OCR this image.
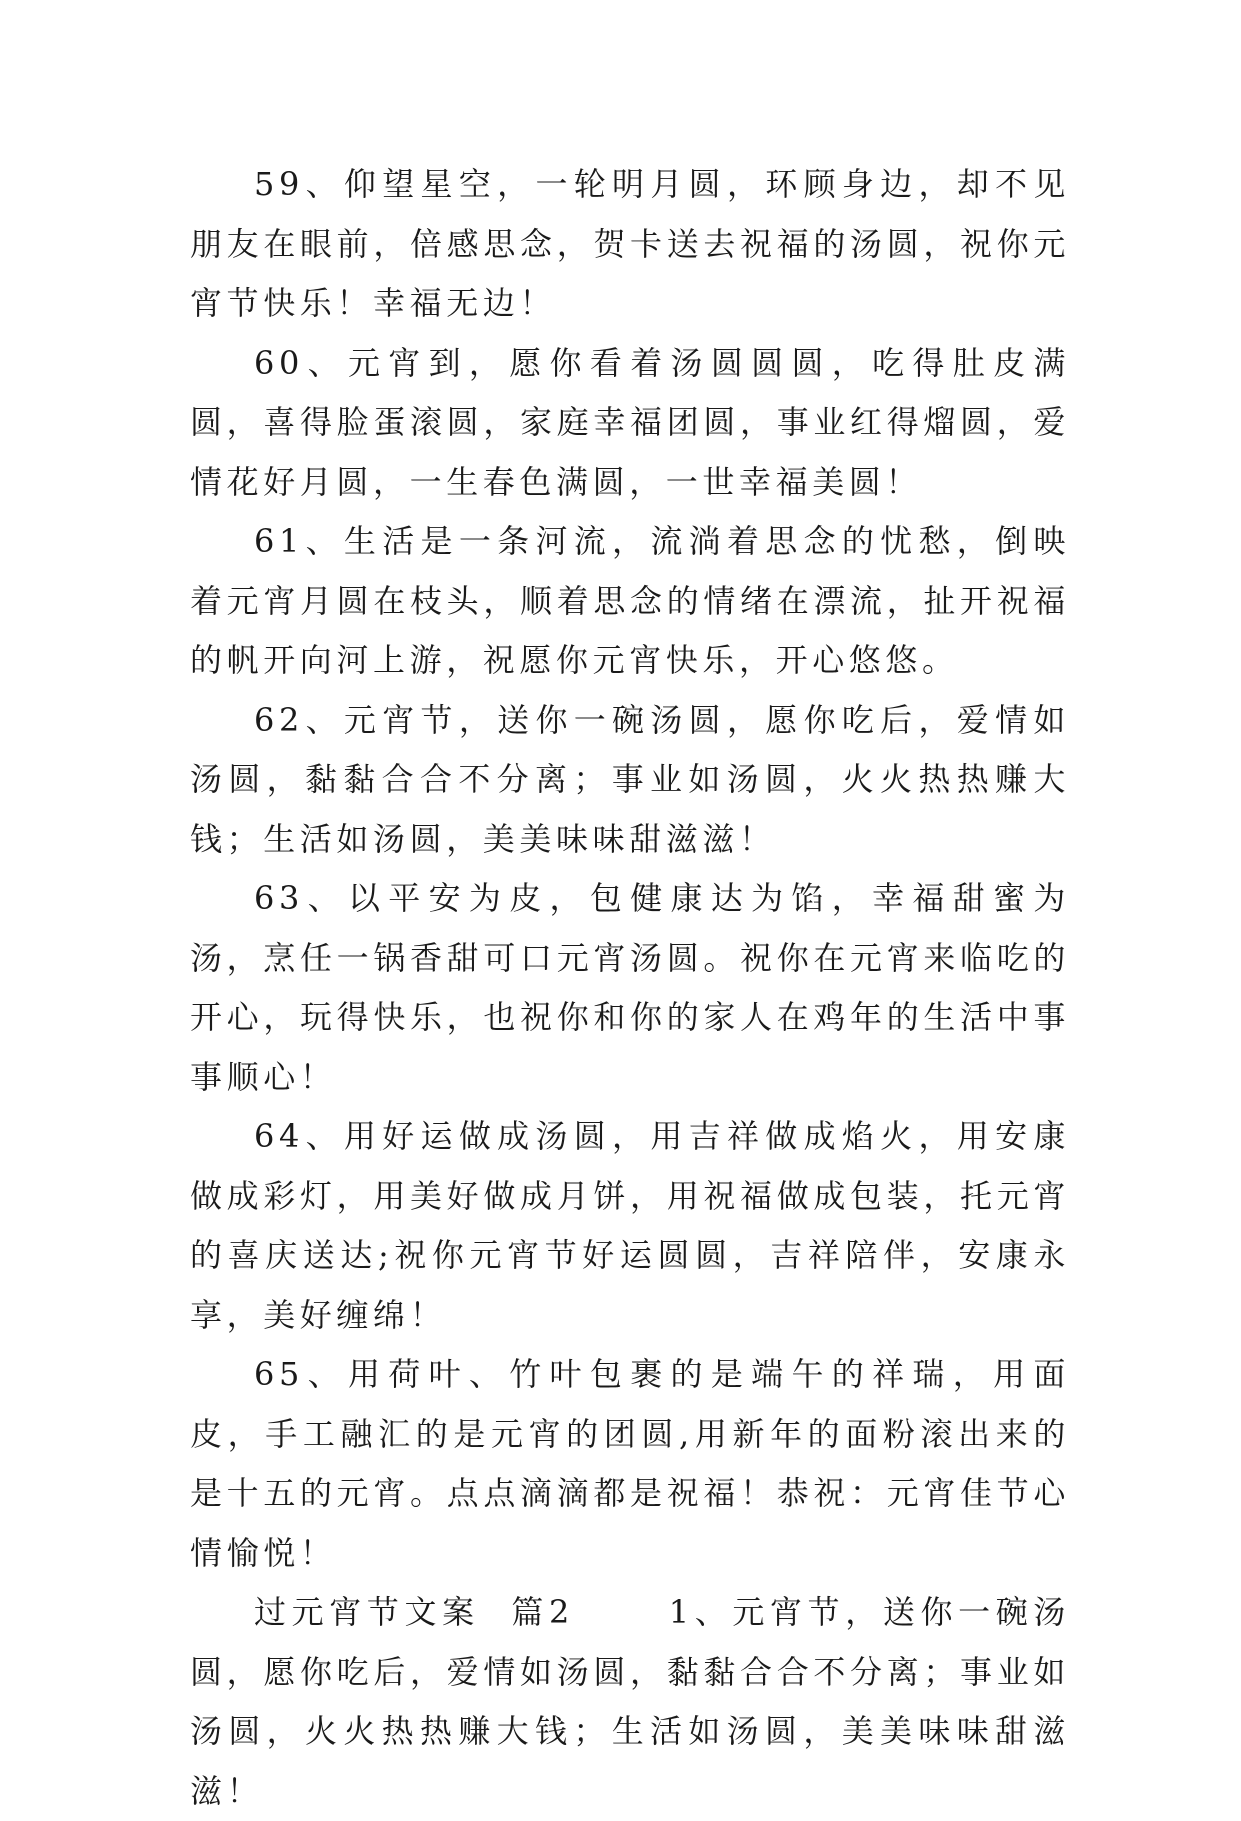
59、仰望星空，一轮明月圆，环顾身边，却不见朋友在眼前，倍感思念，贺卡送去祝福的汤圆，祝你元宵节快乐！幸福无边！

60、元宵到，愿你看着汤圆圆圆，吃得肚皮满圆，喜得脸蛋滚圆，家庭幸福团圆，事业红得熘圆，爱情花好月圆，一生春色满圆，一世幸福美圆！

61、生活是一条河流，流淌着思念的忧愁，倒映着元宵月圆在枝头，顺着思念的情绪在漂流，扯开祝福的帆开向河上游，祝愿你元宵快乐，开心悠悠。

62、元宵节，送你一碗汤圆，愿你吃后，爱情如汤圆，黏黏合合不分离；事业如汤圆，火火热热赚大钱；生活如汤圆，美美味味甜滋滋！

63、以平安为皮，包健康达为馅，幸福甜蜜为汤，烹任一锅香甜可口元宵汤圆。祝你在元宵来临吃的开心，玩得快乐，也祝你和你的家人在鸡年的生活中事事顺心！

64、用好运做成汤圆，用吉祥做成焰火，用安康做成彩灯，用美好做成月饼，用祝福做成包装，托元宵的喜庆送达;祝你元宵节好运圆圆，吉祥陪伴，安康永享，美好缠绵！

65、用荷叶、竹叶包裹的是端午的祥瑞，用面皮，手工融汇的是元宵的团圆,用新年的面粉滚出来的是十五的元宵。点点滴滴都是祝福！恭祝：元宵佳节心情愉悦！

过元宵节文案  篇2      1、元宵节，送你一碗汤圆，愿你吃后，爱情如汤圆，黏黏合合不分离；事业如汤圆，火火热热赚大钱；生活如汤圆，美美味味甜滋滋！
